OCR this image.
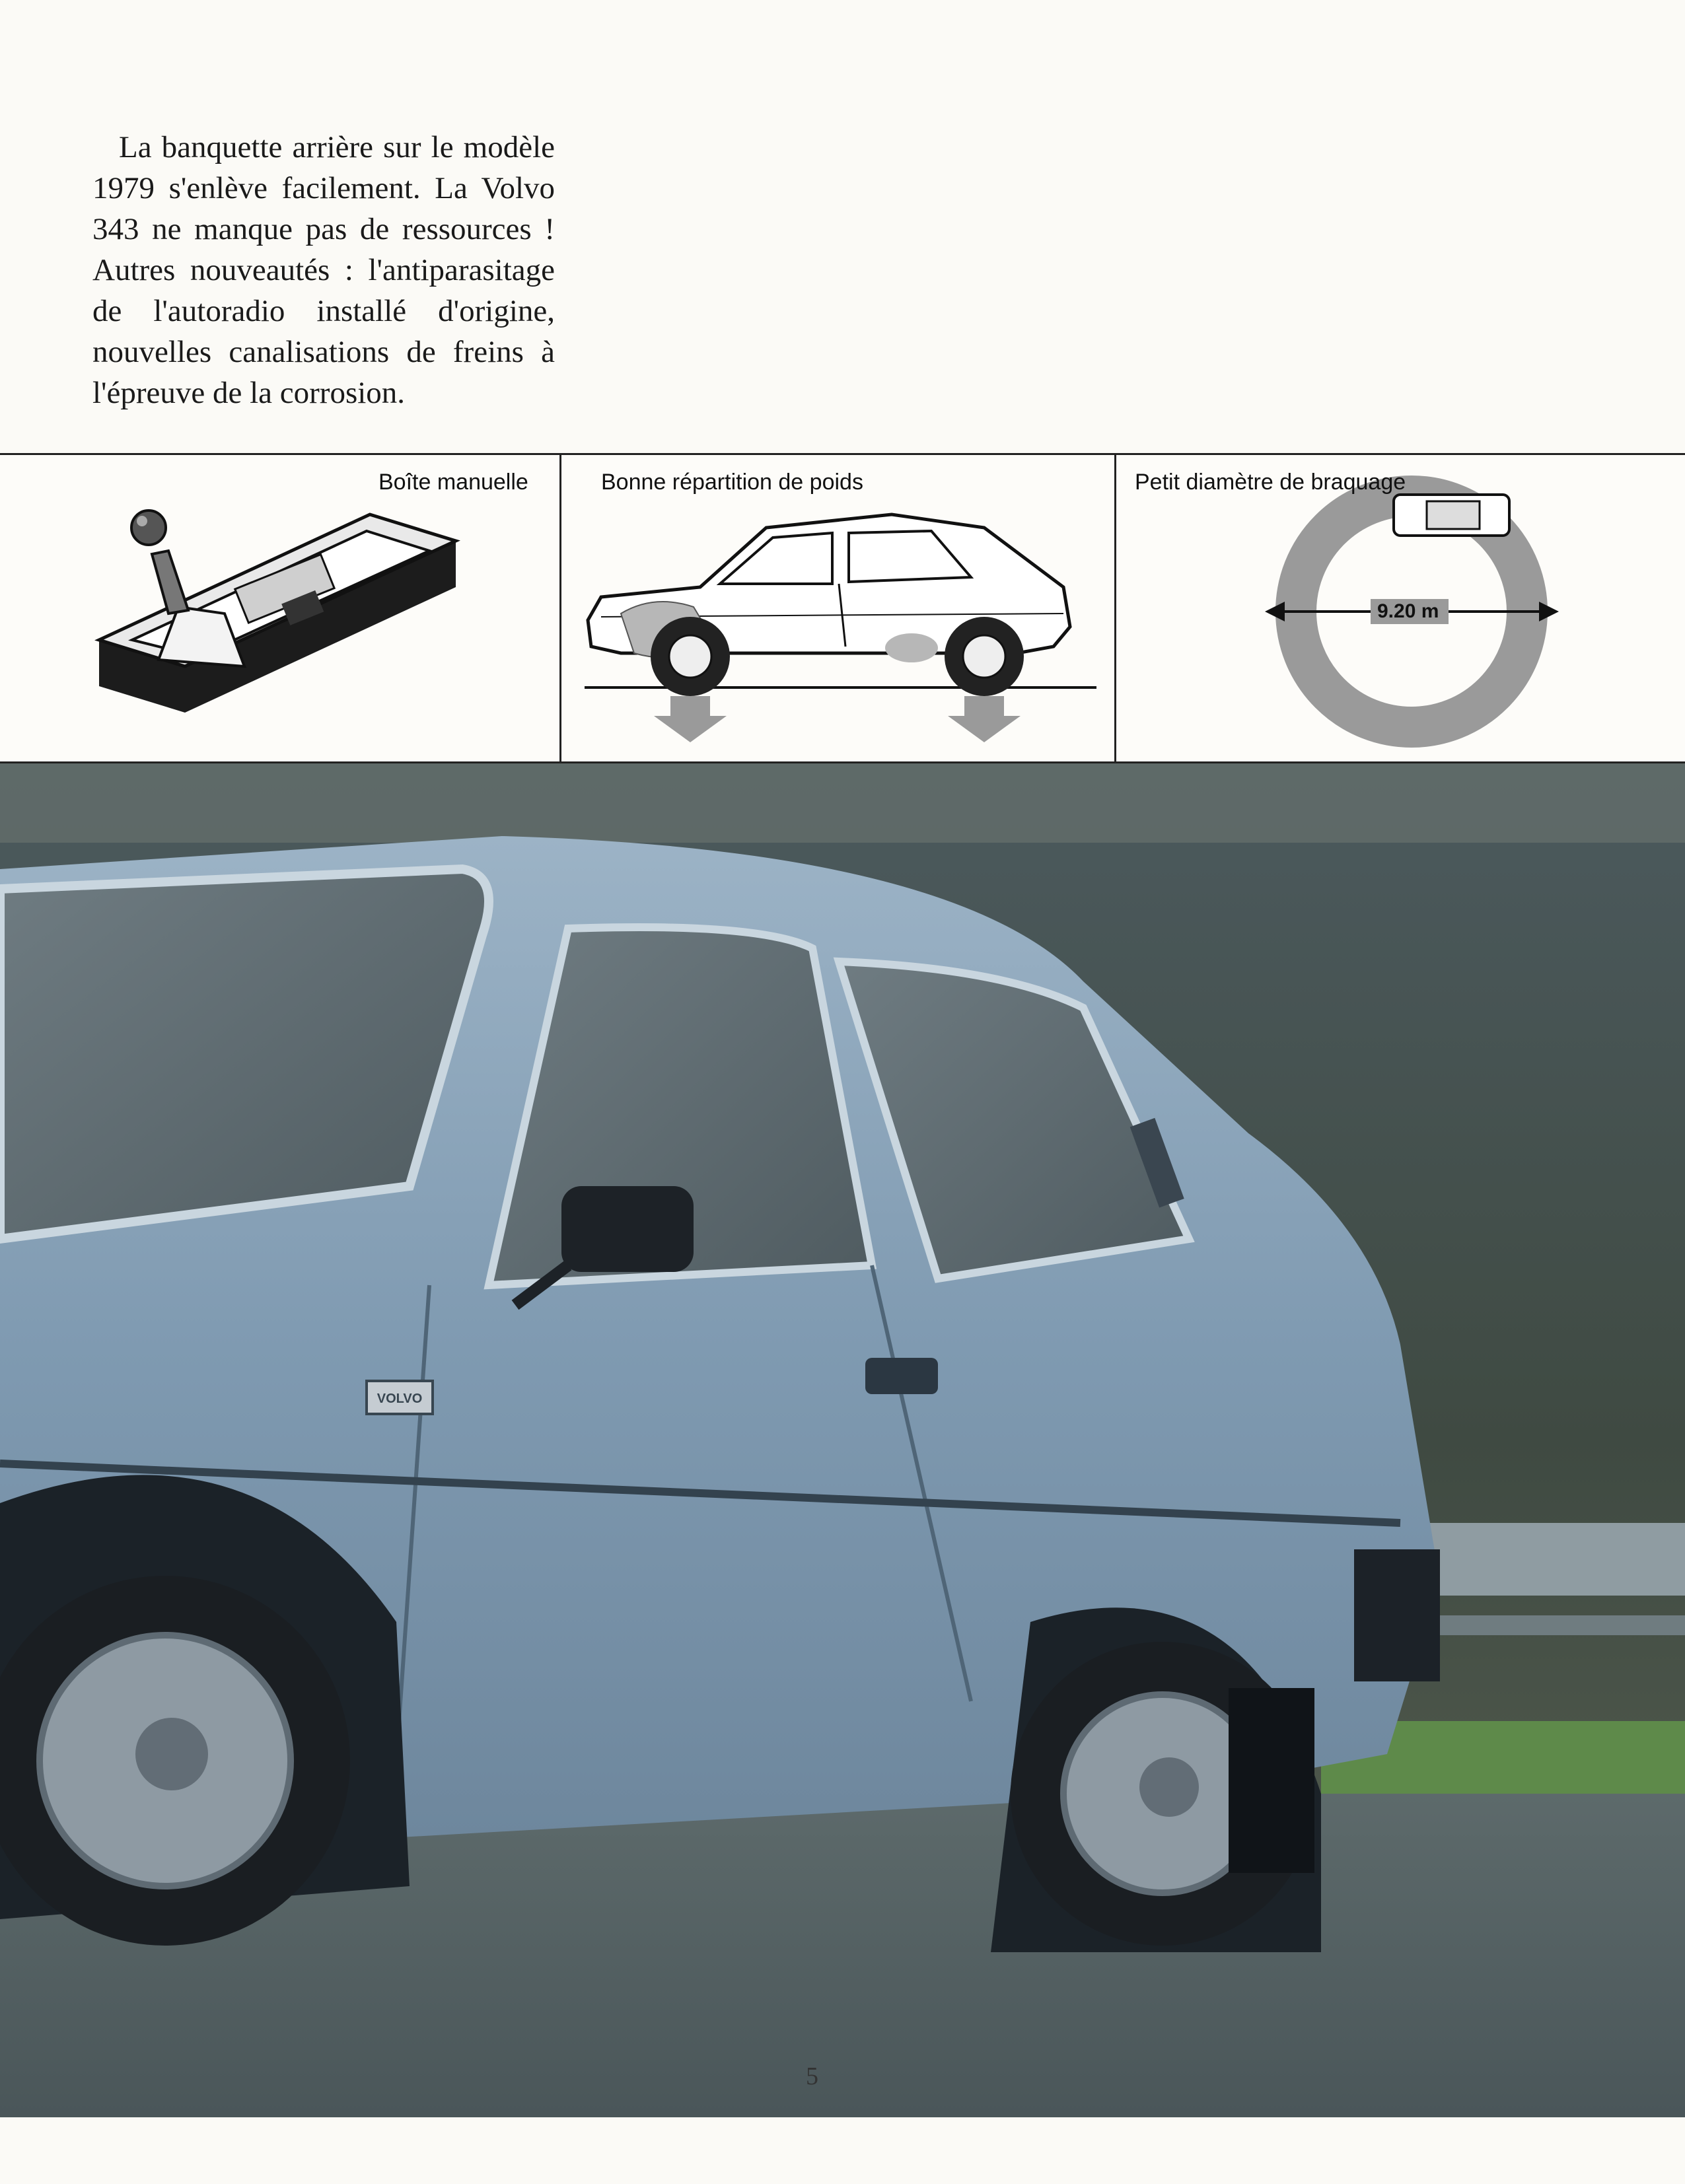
La banquette arrière sur le modèle 1979 s'enlève facilement. La Volvo 343 ne manque pas de ressources ! Autres nouveautés : l'antiparasitage de l'autoradio installé d'origine, nouvelles canalisations de freins à l'épreuve de la corrosion.
Boîte manuelle	Bonne répartition de poids	Petit diamètre de braquage
9.20 m
VOLVO
5
